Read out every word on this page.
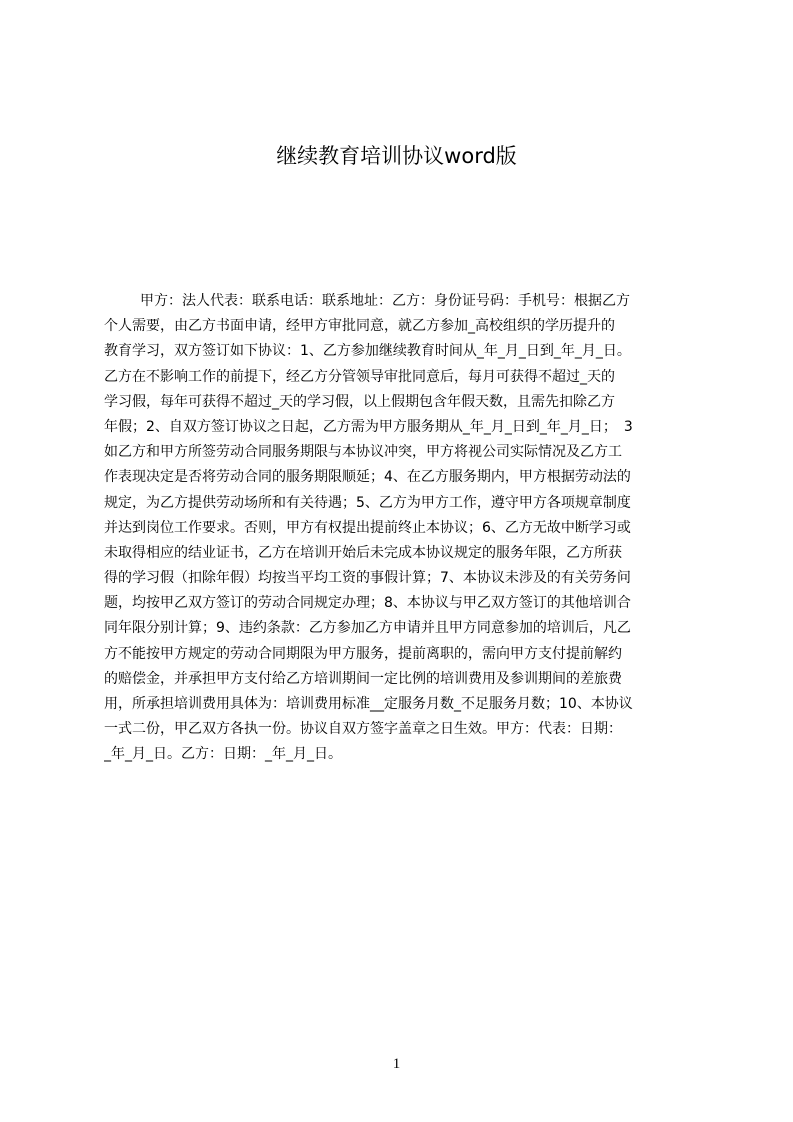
继续教育培训协议word版
甲方：法人代表：联系电话：联系地址：乙方：身份证号码：手机号：根据乙方
个人需要，由乙方书面申请，经甲方审批同意，就乙方参加_高校组织的学历提升的
教育学习，双方签订如下协议：1、乙方参加继续教育时间从_年_月_日到_年_月_日。
乙方在不影响工作的前提下，经乙方分管领导审批同意后，每月可获得不超过_天的
学习假，每年可获得不超过_天的学习假，以上假期包含年假天数，且需先扣除乙方
年假；2、自双方签订协议之日起，乙方需为甲方服务期从_年_月_日到_年_月_日；　3
如乙方和甲方所签劳动合同服务期限与本协议冲突，甲方将视公司实际情况及乙方工
作表现决定是否将劳动合同的服务期限顺延；4、在乙方服务期内，甲方根据劳动法的
规定，为乙方提供劳动场所和有关待遇；5、乙方为甲方工作，遵守甲方各项规章制度
并达到岗位工作要求。否则，甲方有权提出提前终止本协议；6、乙方无故中断学习或
未取得相应的结业证书，乙方在培训开始后未完成本协议规定的服务年限，乙方所获
得的学习假（扣除年假）均按当平均工资的事假计算；7、本协议未涉及的有关劳务问
题，均按甲乙双方签订的劳动合同规定办理；8、本协议与甲乙双方签订的其他培训合
同年限分别计算；9、违约条款：乙方参加乙方申请并且甲方同意参加的培训后，凡乙
方不能按甲方规定的劳动合同期限为甲方服务，提前离职的，需向甲方支付提前解约
的赔偿金，并承担甲方支付给乙方培训期间一定比例的培训费用及参训期间的差旅费
用，所承担培训费用具体为：培训费用标准__定服务月数_不足服务月数；10、本协议
一式二份，甲乙双方各执一份。协议自双方签字盖章之日生效。甲方：代表：日期：
_年_月_日。乙方：日期：_年_月_日。
1
